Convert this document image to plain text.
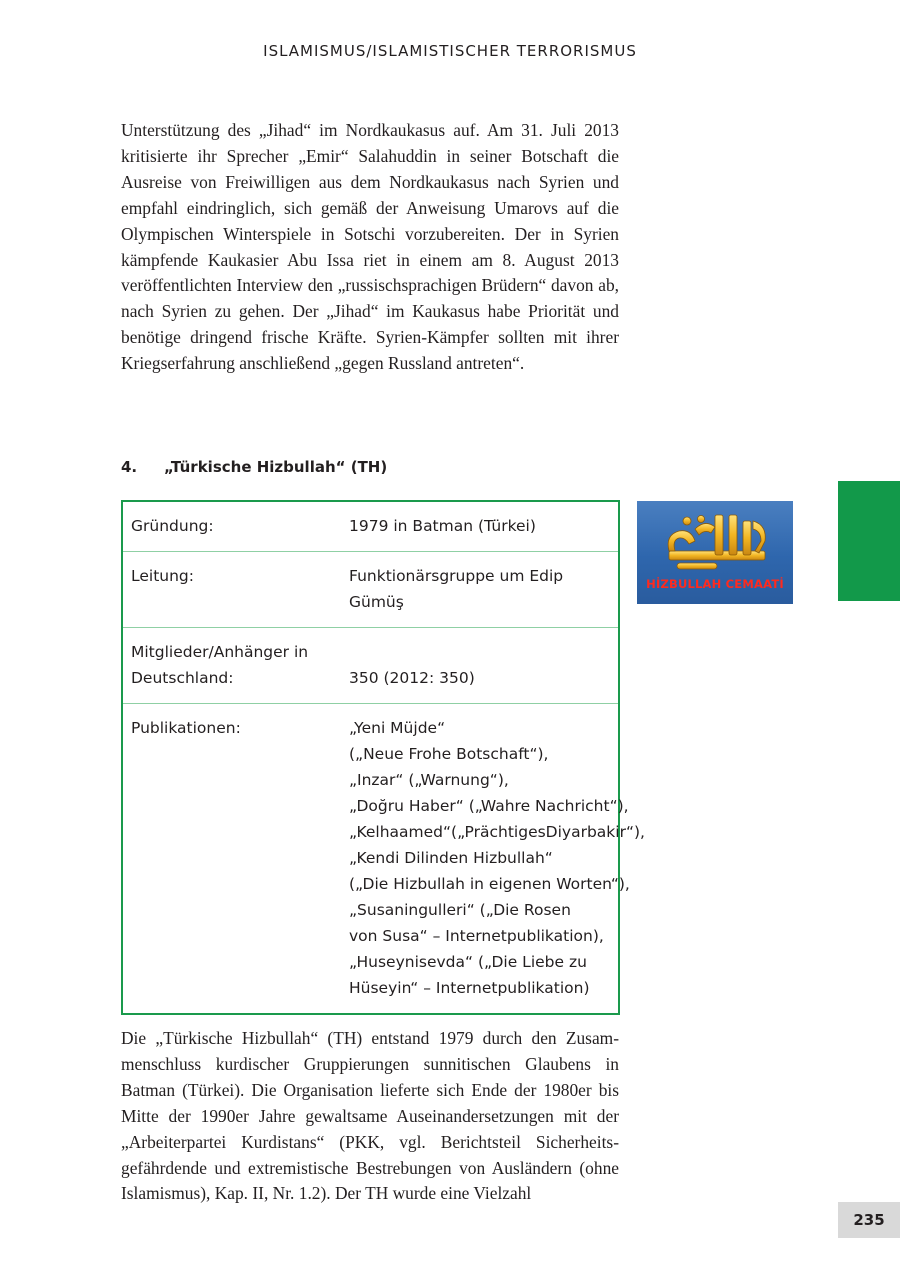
ISLAMISMUS/ISLAMISTISCHER TERRORISMUS

Unterstützung des „Jihad“ im Nordkaukasus auf. Am 31. Juli 2013 kritisierte ihr Sprecher „Emir“ Salahuddin in seiner Botschaft die Ausreise von Freiwilligen aus dem Nordkaukasus nach Syrien und empfahl eindringlich, sich gemäß der Anweisung Umarovs auf die Olympischen Winterspiele in Sotschi vorzubereiten. Der in Syrien kämpfende Kaukasier Abu Issa riet in einem am 8. August 2013 veröffentlichten Interview den „russischsprachigen Brüdern“ davon ab, nach Syrien zu gehen. Der „Jihad“ im Kaukasus habe Priorität und benötige dringend frische Kräfte. Syrien-Kämpfer sollten mit ihrer Kriegserfahrung anschließend „gegen Russland antreten“.

4. „Türkische Hizbullah“ (TH)
Gründung:	1979 in Batman (Türkei)
Leitung:	Funktionärsgruppe um Edip Gümüş
Mitglieder/Anhänger in Deutschland:	350 (2012: 350)
Publikationen:	„Yeni Müjde“
(„Neue Frohe Botschaft“),
„Inzar“ („Warnung“),
„Doğru Haber“ („Wahre Nachricht“),
„Kelhaamed“(„PrächtigesDiyarbakir“),
„Kendi Dilinden Hizbullah“
(„Die Hizbullah in eigenen Worten“),
„Susaningulleri“ („Die Rosen
von Susa“ – Internetpublikation),
„Huseynisevda“ („Die Liebe zu
Hüseyin“ – Internetpublikation)
HİZBULLAH CEMAATİ

Die „Türkische Hizbullah“ (TH) entstand 1979 durch den Zusammenschluss kurdischer Gruppierungen sunnitischen Glaubens in Batman (Türkei). Die Organisation lieferte sich Ende der 1980er bis Mitte der 1990er Jahre gewaltsame Auseinandersetzungen mit der „Arbeiterpartei Kurdistans“ (PKK, vgl. Berichtsteil Sicherheitsgefährdende und extremistische Bestrebungen von Ausländern (ohne Islamismus), Kap. II, Nr. 1.2). Der TH wurde eine Vielzahl

235
